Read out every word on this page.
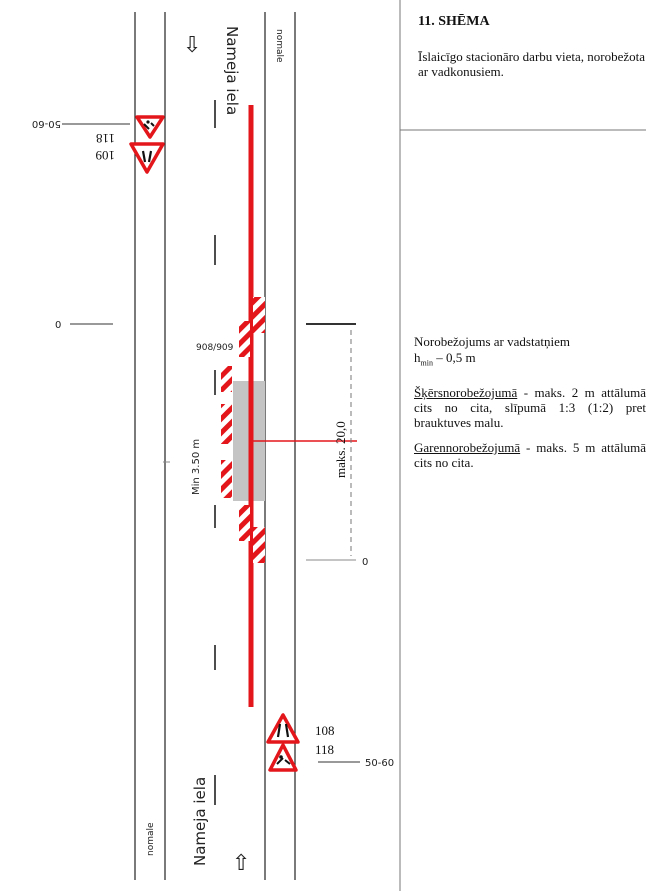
⇩
⇧
Nameja iela
Nameja iela
nomale
nomale
maks. 20,0
Min 3.50 m
908/909
0
0
50-60
50-60
108
118
118
109
11. SHĒMA
Īslaicīgo stacionāro darbu vieta, norobežota ar vadkonusiem.

Norobežojums ar vadstatņiem

$h_{min} - 0,5$ m

Šķērsnorobežojumā - maks. 2 m attālumā cits no cita, slīpumā 1:3 (1:2) pret brauktuves malu.

Garennorobežojumā - maks. 5 m attālumā cits no cita.
